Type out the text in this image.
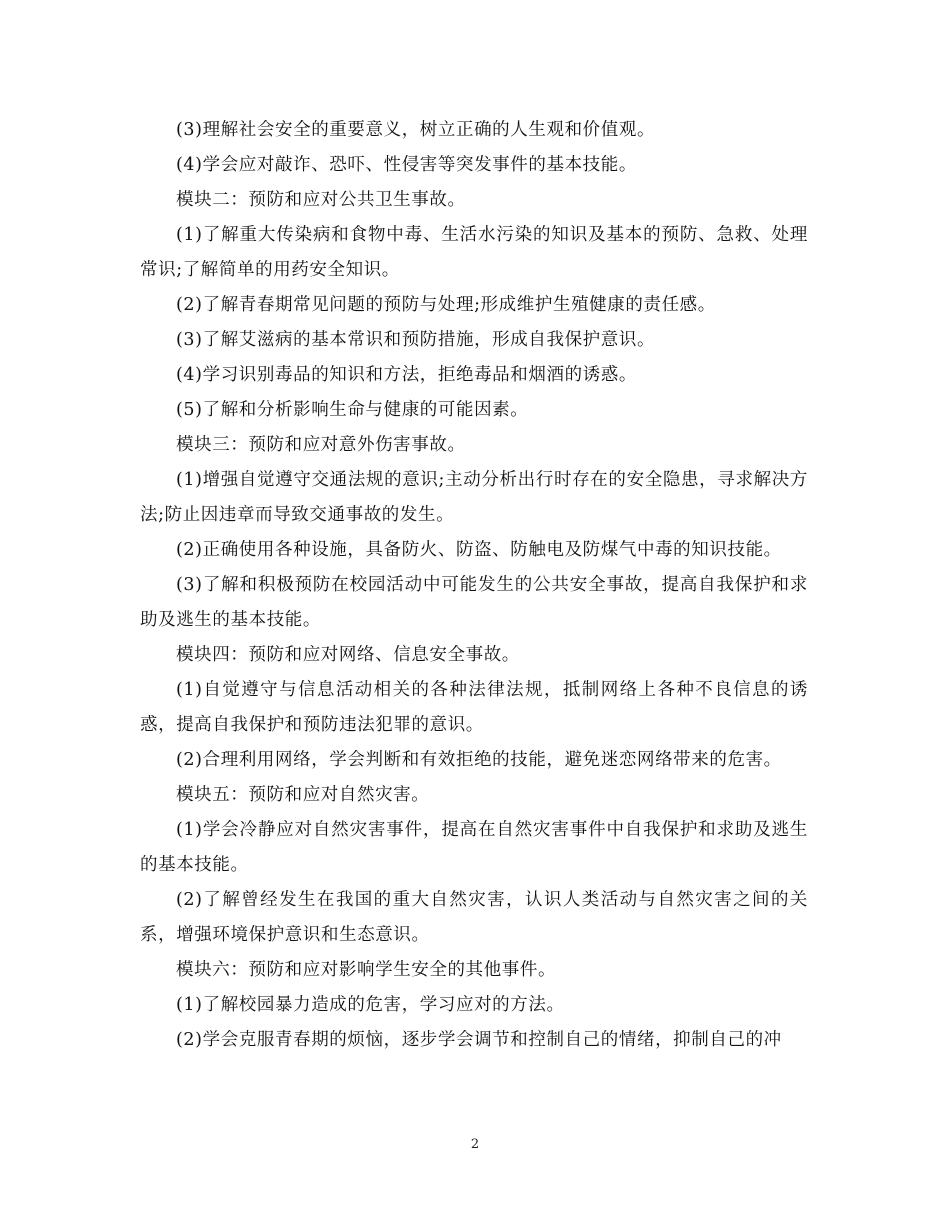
(3)理解社会安全的重要意义，树立正确的人生观和价值观。

(4)学会应对敲诈、恐吓、性侵害等突发事件的基本技能。

模块二：预防和应对公共卫生事故。

(1)了解重大传染病和食物中毒、生活水污染的知识及基本的预防、急救、处理常识;了解简单的用药安全知识。

(2)了解青春期常见问题的预防与处理;形成维护生殖健康的责任感。

(3)了解艾滋病的基本常识和预防措施，形成自我保护意识。

(4)学习识别毒品的知识和方法，拒绝毒品和烟酒的诱惑。

(5)了解和分析影响生命与健康的可能因素。

模块三：预防和应对意外伤害事故。

(1)增强自觉遵守交通法规的意识;主动分析出行时存在的安全隐患，寻求解决方法;防止因违章而导致交通事故的发生。

(2)正确使用各种设施，具备防火、防盗、防触电及防煤气中毒的知识技能。

(3)了解和积极预防在校园活动中可能发生的公共安全事故，提高自我保护和求助及逃生的基本技能。

模块四：预防和应对网络、信息安全事故。

(1)自觉遵守与信息活动相关的各种法律法规，抵制网络上各种不良信息的诱惑，提高自我保护和预防违法犯罪的意识。

(2)合理利用网络，学会判断和有效拒绝的技能，避免迷恋网络带来的危害。

模块五：预防和应对自然灾害。

(1)学会冷静应对自然灾害事件，提高在自然灾害事件中自我保护和求助及逃生的基本技能。

(2)了解曾经发生在我国的重大自然灾害，认识人类活动与自然灾害之间的关系，增强环境保护意识和生态意识。

模块六：预防和应对影响学生安全的其他事件。

(1)了解校园暴力造成的危害，学习应对的方法。

(2)学会克服青春期的烦恼，逐步学会调节和控制自己的情绪，抑制自己的冲

2
